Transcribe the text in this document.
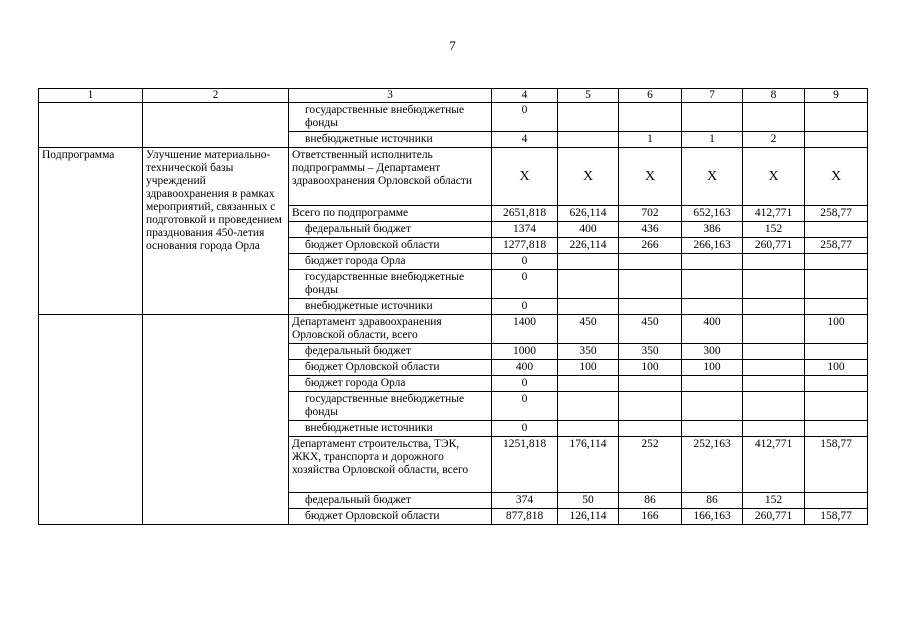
7
1	2	3	4	5	6	7	8	9
		государственные внебюджетные фонды	0					
		внебюджетные источники	4		1	1	2	
Подпрограмма	Улучшение материально-технической базы учреждений здравоохранения в рамках мероприятий, связанных с подготовкой и проведением празднования 450-летия основания города Орла	Ответственный исполнитель подпрограммы – Департамент здравоохранения Орловской области	X	X	X	X	X	X
		Всего по подпрограмме	2651,818	626,114	702	652,163	412,771	258,77
		федеральный бюджет	1374	400	436	386	152	
		бюджет Орловской области	1277,818	226,114	266	266,163	260,771	258,77
		бюджет города Орла	0					
		государственные внебюджетные фонды	0					
		внебюджетные источники	0					
		Департамент здравоохранения Орловской области, всего	1400	450	450	400		100
		федеральный бюджет	1000	350	350	300		
		бюджет Орловской области	400	100	100	100		100
		бюджет города Орла	0					
		государственные внебюджетные фонды	0					
		внебюджетные источники	0					
		Департамент строительства, ТЭК, ЖКХ, транспорта и дорожного хозяйства Орловской области, всего	1251,818	176,114	252	252,163	412,771	158,77
		федеральный бюджет	374	50	86	86	152	
		бюджет Орловской области	877,818	126,114	166	166,163	260,771	158,77
